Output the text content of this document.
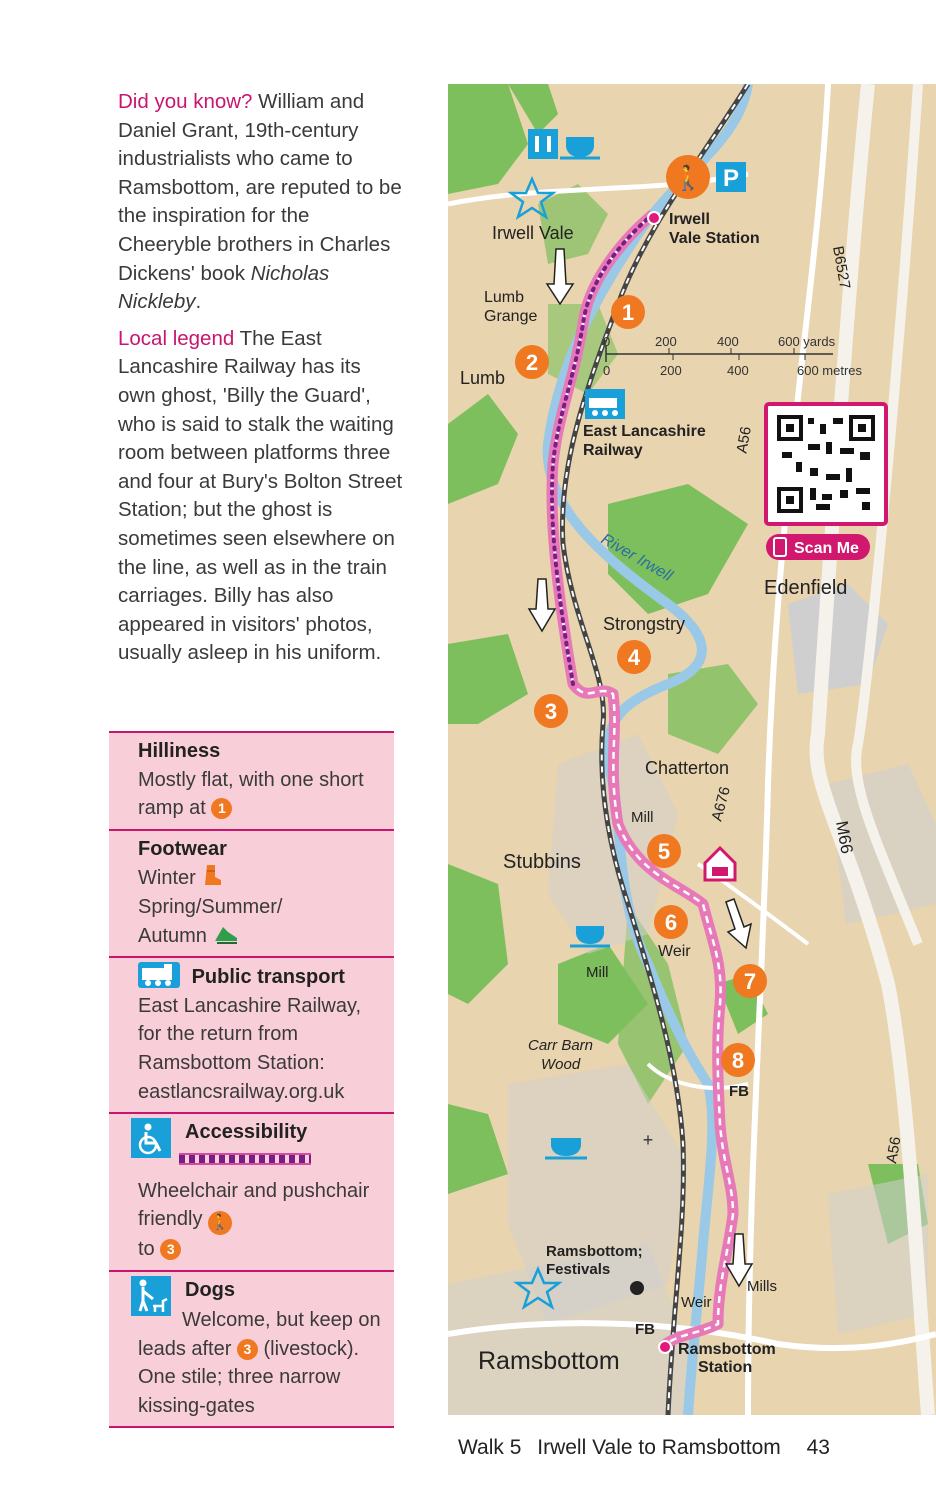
Did you know? William and Daniel Grant, 19th-century industrialists who came to Ramsbottom, are reputed to be the inspiration for the Cheeryble brothers in Charles Dickens' book Nicholas Nickleby.

Local legend The East Lancashire Railway has its own ghost, 'Billy the Guard', who is said to stalk the waiting room between platforms three and four at Bury's Bolton Street Station; but the ghost is sometimes seen elsewhere on the line, as well as in the train carriages. Billy has also appeared in visitors' photos, usually asleep in his uniform.

Hilliness
Mostly flat, with one short ramp at 1
Footwear
Winter
Spring/Summer/
Autumn
Public transport
East Lancashire Railway, for the return from Ramsbottom Station:
eastlancsrailway.org.uk
Accessibility
Wheelchair and pushchair friendly 🚶
to 3
Dogs
Welcome, but keep on leads after 3 (livestock). One stile; three narrow kissing-gates
1
2
3
4
5
6
7
8
🚶 P
+
0	200	400	600 yards
0	200	400	600 metres
Scan Me
Irwell Vale
Irwell
Vale Station
Lumb
Grange
Lumb
B6527
A56
East Lancashire
Railway
River Irwell
Edenfield
Strongstry
Chatterton
Mill	A676
M66
Stubbins
Weir
Mill
Carr Barn
Wood
FB
A56
Ramsbottom;
Festivals
Mills
Weir
FB
Ramsbottom	Ramsbottom
Station
Walk 5 Irwell Vale to Ramsbottom 43
